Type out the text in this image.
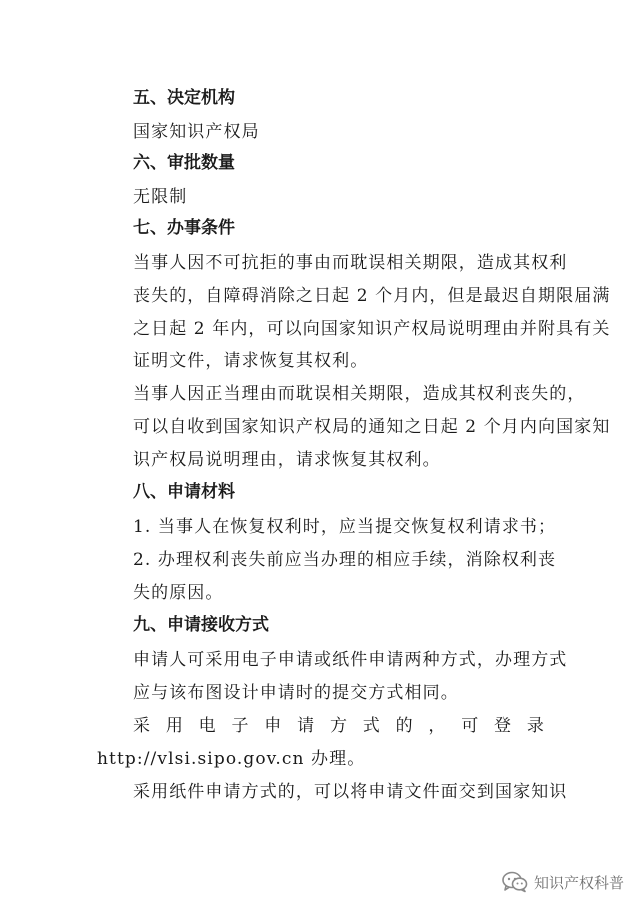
五、决定机构
国家知识产权局
六、审批数量
无限制
七、办事条件
当事人因不可抗拒的事由而耽误相关期限，造成其权利
丧失的，自障碍消除之日起 2 个月内，但是最迟自期限届满
之日起 2 年内，可以向国家知识产权局说明理由并附具有关
证明文件，请求恢复其权利。
当事人因正当理由而耽误相关期限，造成其权利丧失的，
可以自收到国家知识产权局的通知之日起 2 个月内向国家知
识产权局说明理由，请求恢复其权利。
八、申请材料
1. 当事人在恢复权利时，应当提交恢复权利请求书；
2. 办理权利丧失前应当办理的相应手续，消除权利丧
失的原因。
九、申请接收方式
申请人可采用电子申请或纸件申请两种方式，办理方式
应与该布图设计申请时的提交方式相同。
采 用 电 子 申 请 方 式 的 ， 可 登 录
http://vlsi.sipo.gov.cn 办理。
采用纸件申请方式的，可以将申请文件面交到国家知识
知识产权科普
